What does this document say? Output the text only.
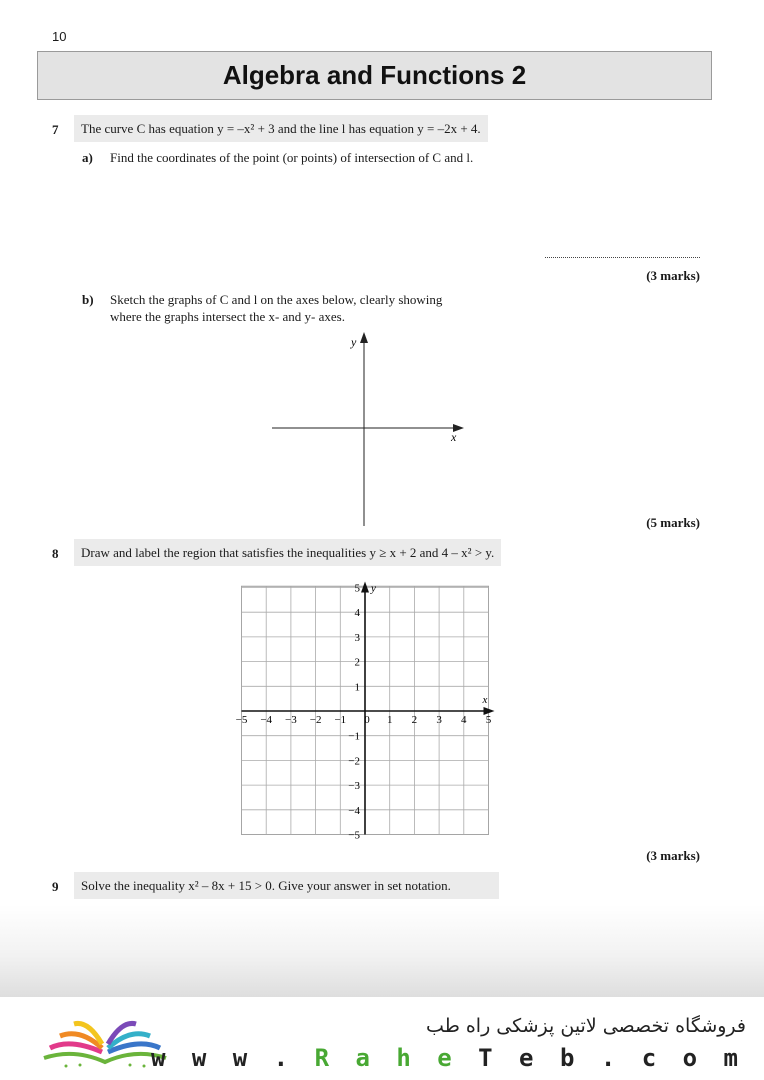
10
Algebra and Functions 2
7	The curve C has equation y = –x² + 3 and the line l has equation y = –2x + 4.
a) Find the coordinates of the point (or points) of intersection of C and l.
(3 marks)
b) Sketch the graphs of C and l on the axes below, clearly showing
where the graphs intersect the x- and y- axes.
y
x
(5 marks)
8	Draw and label the region that satisfies the inequalities y ≥ x + 2 and 4 – x² > y.
y
x
−5 −4 −3 −2 −1 0 1 2 3 4 5
5
4
3
2
1
−1
−2
−3
−4
−5
(3 marks)
9	Solve the inequality x² – 8x + 15 > 0. Give your answer in set notation.
فروشگاه تخصصی لاتین پزشکی راه طب
w w w . R a h e T e b . c o m
